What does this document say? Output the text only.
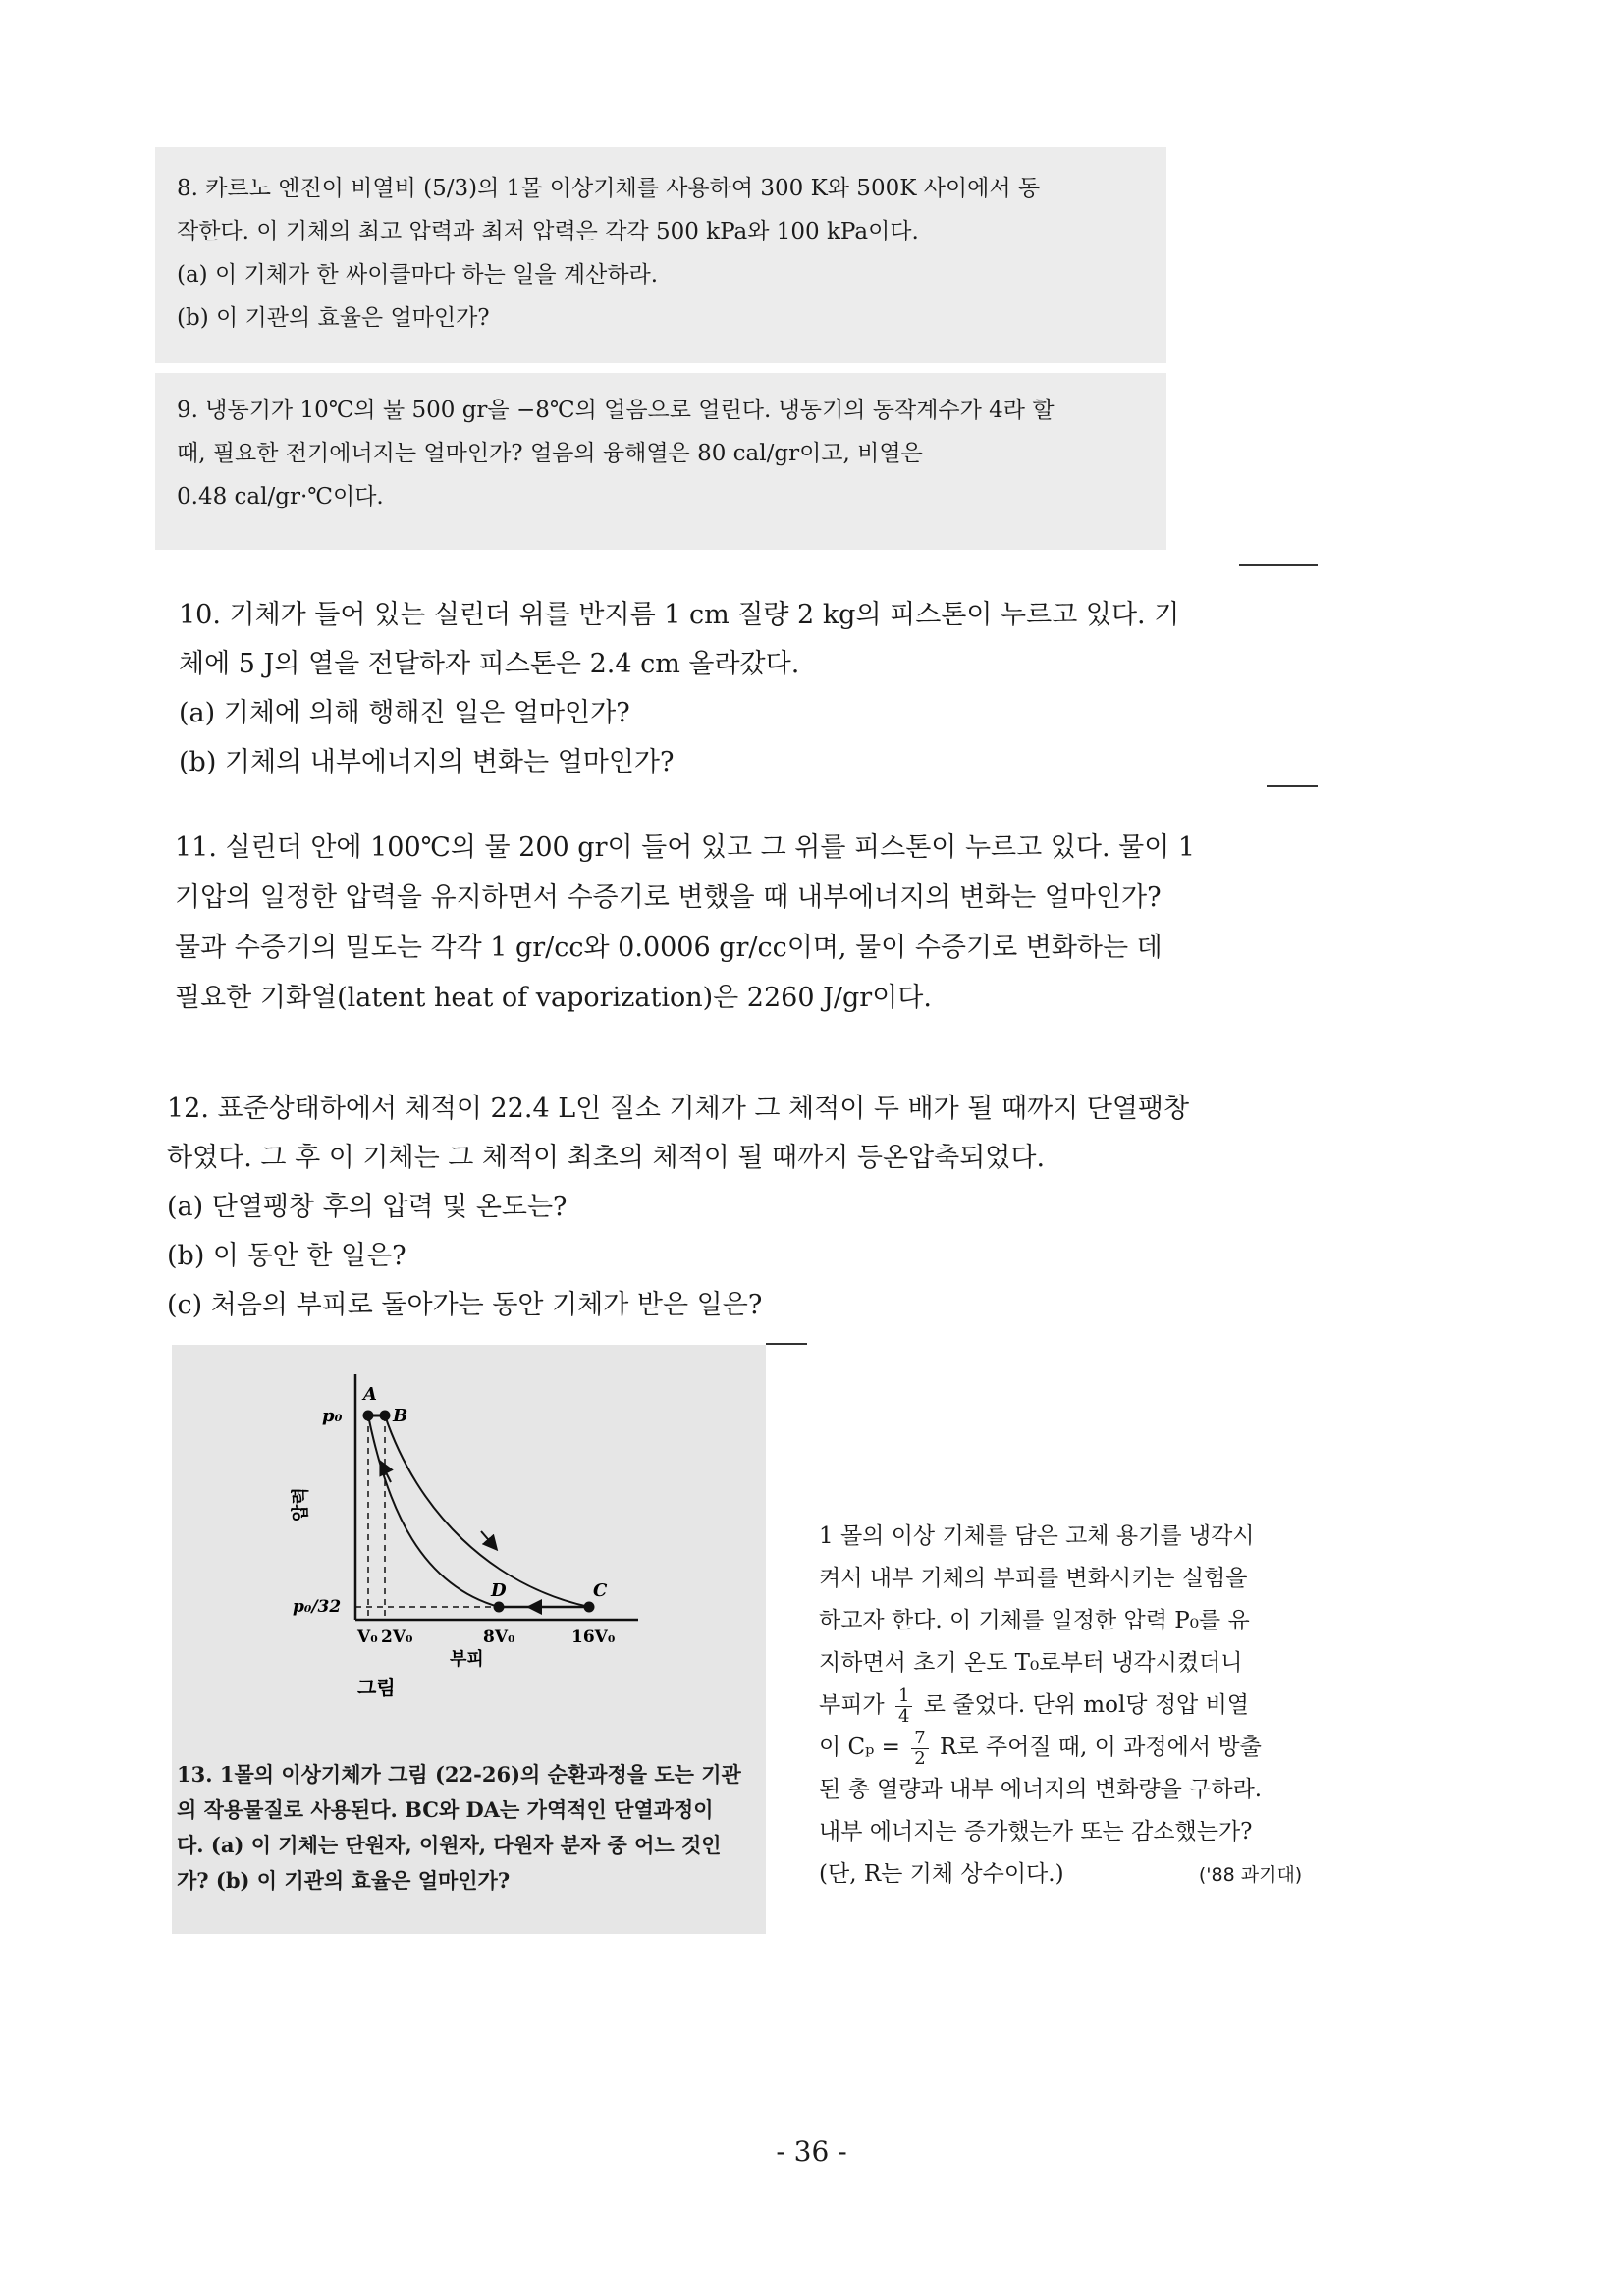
8. 카르노 엔진이 비열비 (5/3)의 1몰 이상기체를 사용하여 300 K와 500K 사이에서 동
작한다. 이 기체의 최고 압력과 최저 압력은 각각 500 kPa와 100 kPa이다.
(a) 이 기체가 한 싸이클마다 하는 일을 계산하라.
(b) 이 기관의 효율은 얼마인가?
9. 냉동기가 10℃의 물 500 gr을 −8℃의 얼음으로 얼린다. 냉동기의 동작계수가 4라 할
때, 필요한 전기에너지는 얼마인가? 얼음의 융해열은 80 cal/gr이고, 비열은
0.48 cal/gr·℃이다.
10. 기체가 들어 있는 실린더 위를 반지름 1 cm 질량 2 kg의 피스톤이 누르고 있다. 기
체에 5 J의 열을 전달하자 피스톤은 2.4 cm 올라갔다.
(a) 기체에 의해 행해진 일은 얼마인가?
(b) 기체의 내부에너지의 변화는 얼마인가?
11. 실린더 안에 100℃의 물 200 gr이 들어 있고 그 위를 피스톤이 누르고 있다. 물이 1
기압의 일정한 압력을 유지하면서 수증기로 변했을 때 내부에너지의 변화는 얼마인가?
물과 수증기의 밀도는 각각 1 gr/cc와 0.0006 gr/cc이며, 물이 수증기로 변화하는 데
필요한 기화열(latent heat of vaporization)은 2260 J/gr이다.
12. 표준상태하에서 체적이 22.4 L인 질소 기체가 그 체적이 두 배가 될 때까지 단열팽창
하였다. 그 후 이 기체는 그 체적이 최초의 체적이 될 때까지 등온압축되었다.
(a) 단열팽창 후의 압력 및 온도는?
(b) 이 동안 한 일은?
(c) 처음의 부피로 돌아가는 동안 기체가 받은 일은?
A
B
C
D
p₀
p₀/32
V₀ 2V₀	8V₀	16V₀
부피
압력
그림
13. 1몰의 이상기체가 그림 (22-26)의 순환과정을 도는 기관
의 작용물질로 사용된다. BC와 DA는 가역적인 단열과정이
다. (a) 이 기체는 단원자, 이원자, 다원자 분자 중 어느 것인
가? (b) 이 기관의 효율은 얼마인가?
1 몰의 이상 기체를 담은 고체 용기를 냉각시
켜서 내부 기체의 부피를 변화시키는 실험을
하고자 한다. 이 기체를 일정한 압력 P₀를 유
지하면서 초기 온도 T₀로부터 냉각시켰더니
부피가 $\frac{1}{4}$ 로 줄었다. 단위 mol당 정압 비열
이 $C_p = \frac{7}{2}$ R로 주어질 때, 이 과정에서 방출
된 총 열량과 내부 에너지의 변화량을 구하라.
내부 에너지는 증가했는가 또는 감소했는가?
(단, R는 기체 상수이다.)	('88 과기대)
- 36 -
